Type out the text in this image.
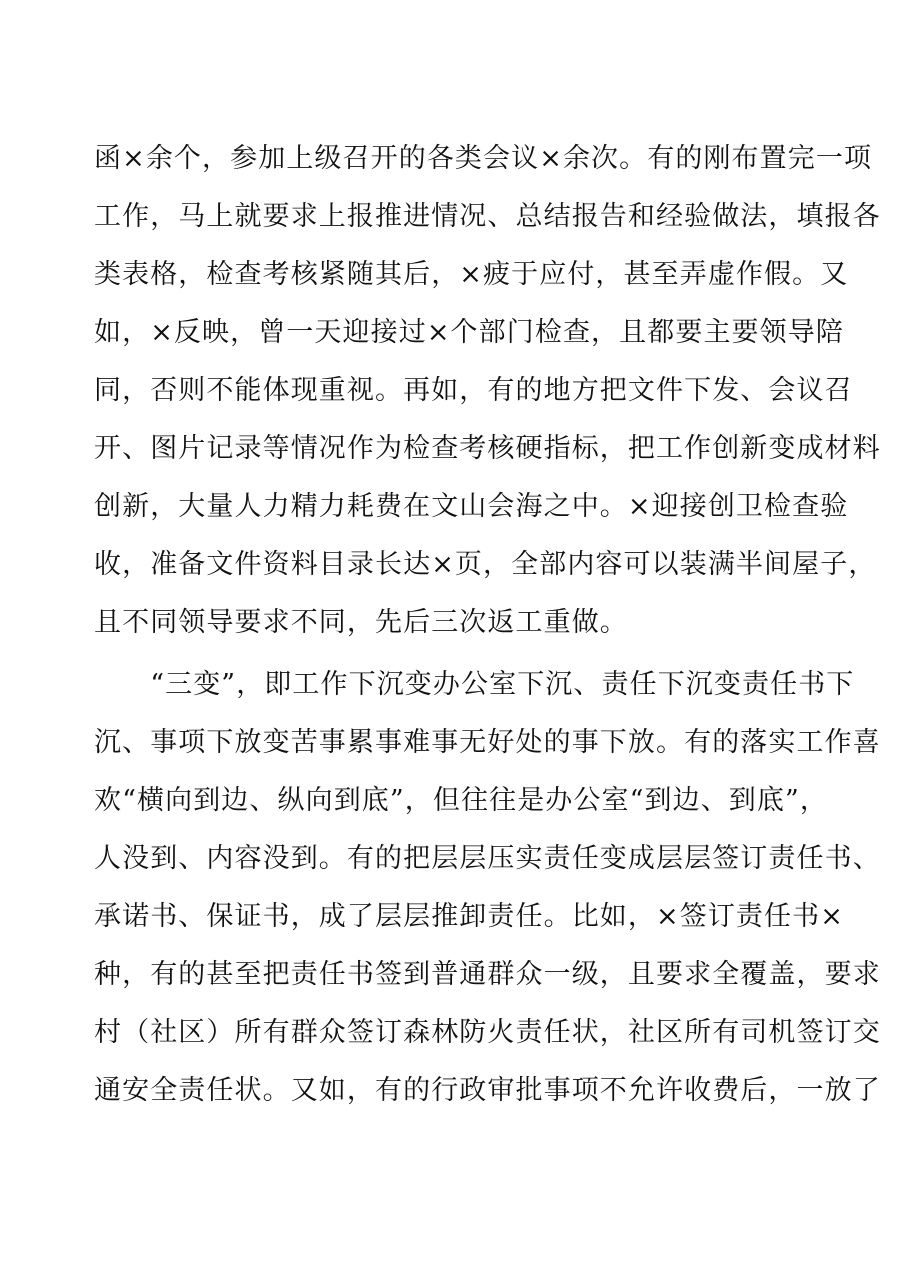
函×余个，参加上级召开的各类会议×余次。有的刚布置完一项
工作，马上就要求上报推进情况、总结报告和经验做法，填报各
类表格，检查考核紧随其后，×疲于应付，甚至弄虚作假。又
如，×反映，曾一天迎接过×个部门检查，且都要主要领导陪
同，否则不能体现重视。再如，有的地方把文件下发、会议召
开、图片记录等情况作为检查考核硬指标，把工作创新变成材料
创新，大量人力精力耗费在文山会海之中。×迎接创卫检查验
收，准备文件资料目录长达×页，全部内容可以装满半间屋子，
且不同领导要求不同，先后三次返工重做。
　　“三变”，即工作下沉变办公室下沉、责任下沉变责任书下
沉、事项下放变苦事累事难事无好处的事下放。有的落实工作喜
欢“横向到边、纵向到底”，但往往是办公室“到边、到底”，
人没到、内容没到。有的把层层压实责任变成层层签订责任书、
承诺书、保证书，成了层层推卸责任。比如，×签订责任书×
种，有的甚至把责任书签到普通群众一级，且要求全覆盖，要求
村（社区）所有群众签订森林防火责任状，社区所有司机签订交
通安全责任状。又如，有的行政审批事项不允许收费后，一放了
